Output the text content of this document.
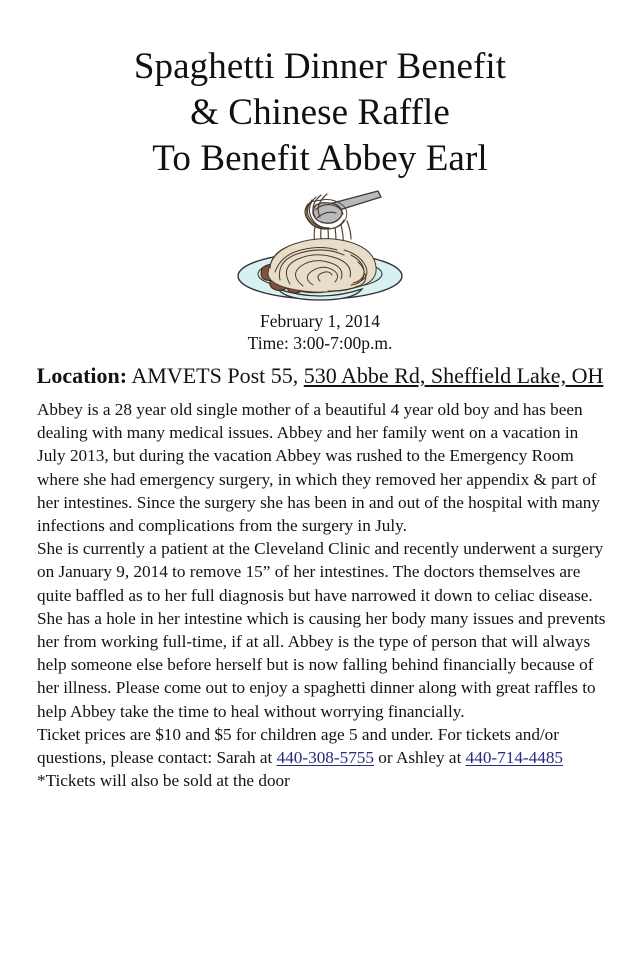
Spaghetti Dinner Benefit
& Chinese Raffle
To Benefit Abbey Earl
February 1, 2014
Time: 3:00-7:00p.m.
Location: AMVETS Post 55, 530 Abbe Rd, Sheffield Lake, OH

Abbey is a 28 year old single mother of a beautiful 4 year old boy and has been dealing with many medical issues. Abbey and her family went on a vacation in July 2013, but during the vacation Abbey was rushed to the Emergency Room where she had emergency surgery, in which they removed her appendix & part of her intestines. Since the surgery she has been in and out of the hospital with many infections and complications from the surgery in July.

She is currently a patient at the Cleveland Clinic and recently underwent a surgery on January 9, 2014 to remove 15” of her intestines. The doctors themselves are quite baffled as to her full diagnosis but have narrowed it down to celiac disease. She has a hole in her intestine which is causing her body many issues and prevents her from working full-time, if at all. Abbey is the type of person that will always help someone else before herself but is now falling behind financially because of her illness. Please come out to enjoy a spaghetti dinner along with great raffles to help Abbey take the time to heal without worrying financially.

Ticket prices are $10 and $5 for children age 5 and under. For tickets and/or questions, please contact: Sarah at 440-308-5755 or Ashley at 440-714-4485

*Tickets will also be sold at the door
